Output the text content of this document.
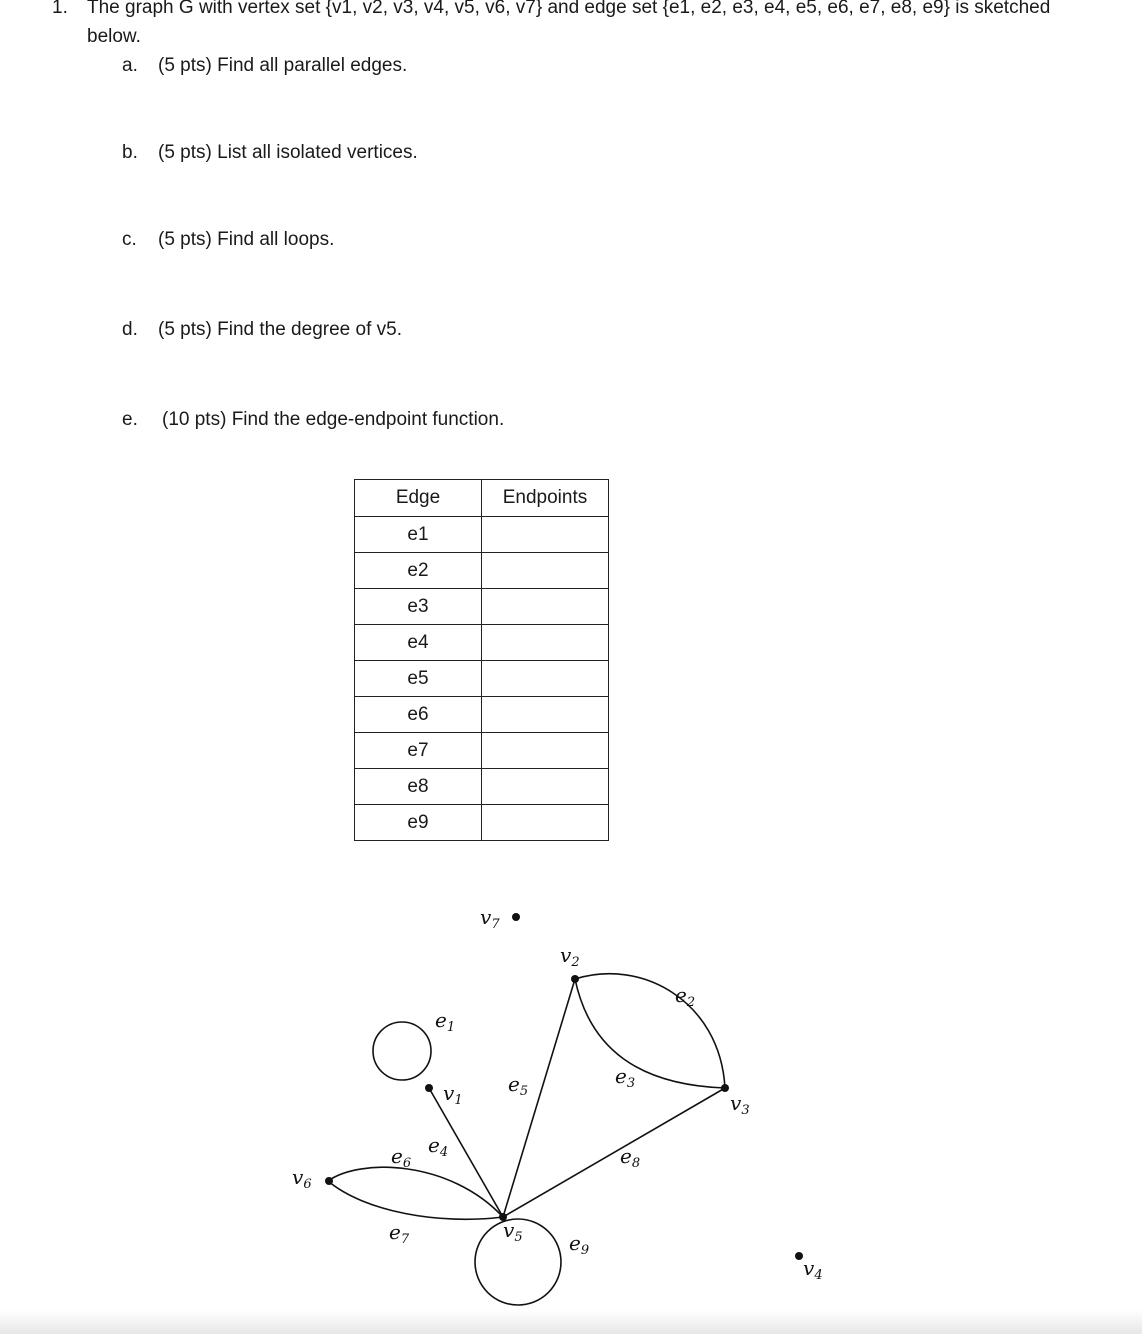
1. The graph G with vertex set {v1, v2, v3, v4, v5, v6, v7} and edge set {e1, e2, e3, e4, e5, e6, e7, e8, e9} is sketched
below.
a. (5 pts) Find all parallel edges.
b. (5 pts) List all isolated vertices.
c. (5 pts) Find all loops.
d. (5 pts) Find the degree of v5.
e. (10 pts) Find the edge-endpoint function.
Edge	Endpoints
e1	
e2	
e3	
e4	
e5	
e6	
e7	
e8	
e9	
$v_7$
$v_2$
$v_1$	$v_3$
$v_6$
$v_5$
$v_4$
$e_1$
$e_2$
$e_3$
$e_4$
$e_5$
$e_6$
$e_7$
$e_8$
$e_9$
